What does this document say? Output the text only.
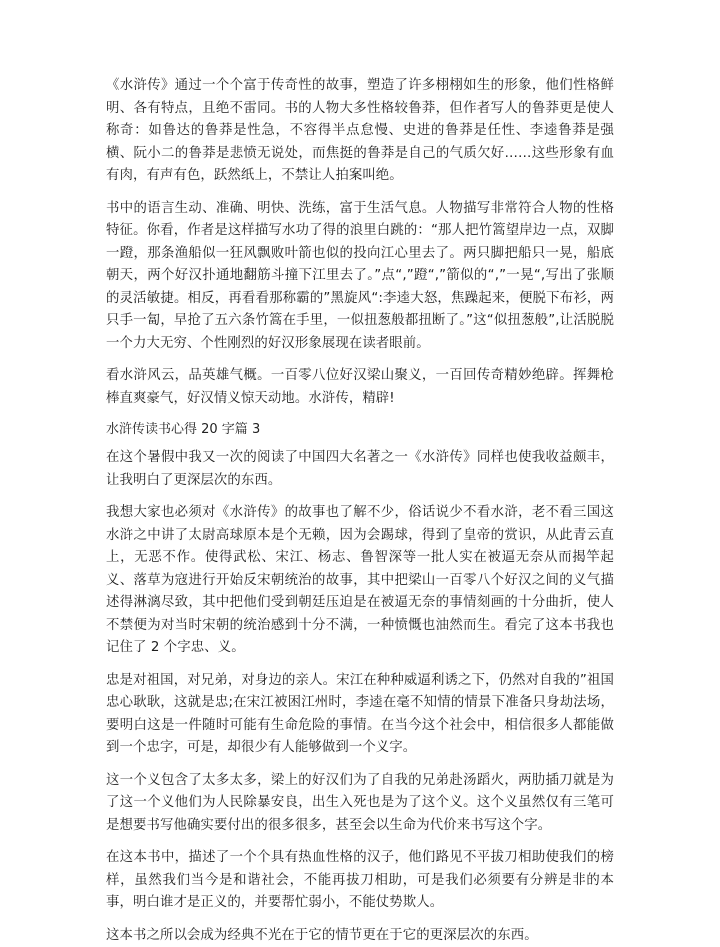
《水浒传》通过一个个富于传奇性的故事，塑造了许多栩栩如生的形象，他们性格鲜明、各有特点，且绝不雷同。书的人物大多性格较鲁莽，但作者写人的鲁莽更是使人称奇：如鲁达的鲁莽是性急，不容得半点怠慢、史进的鲁莽是任性、李逵鲁莽是强横、阮小二的鲁莽是悲愤无说处，而焦挺的鲁莽是自己的气质欠好……这些形象有血有肉，有声有色，跃然纸上，不禁让人拍案叫绝。

书中的语言生动、准确、明快、洗练，富于生活气息。人物描写非常符合人物的性格特征。你看，作者是这样描写水功了得的浪里白跳的：“那人把竹篙望岸边一点，双脚一蹬，那条渔船似一狂风飘败叶箭也似的投向江心里去了。两只脚把船只一晃，船底朝天，两个好汉扑通地翻筋斗撞下江里去了。”点“,”蹬“,”箭似的“,”一晃“,写出了张顺的灵活敏捷。相反，再看看那称霸的”黑旋风“:李逵大怒，焦躁起来，便脱下布衫，两只手一匐，早抢了五六条竹篙在手里，一似扭葱般都扭断了。”这“似扭葱般”,让活脱脱一个力大无穷、个性刚烈的好汉形象展现在读者眼前。

看水浒风云，品英雄气概。一百零八位好汉梁山聚义，一百回传奇精妙绝辟。挥舞枪棒直爽豪气，好汉情义惊天动地。水浒传，精辟!

水浒传读书心得 20 字篇 3

在这个暑假中我又一次的阅读了中国四大名著之一《水浒传》同样也使我收益颇丰，让我明白了更深层次的东西。

我想大家也必须对《水浒传》的故事也了解不少，俗话说少不看水浒，老不看三国这水浒之中讲了太尉高球原本是个无赖，因为会踢球，得到了皇帝的赏识，从此青云直上，无恶不作。使得武松、宋江、杨志、鲁智深等一批人实在被逼无奈从而揭竿起义、落草为寇进行开始反宋朝统治的故事，其中把梁山一百零八个好汉之间的义气描述得淋漓尽致，其中把他们受到朝廷压迫是在被逼无奈的事情刻画的十分曲折，使人不禁便为对当时宋朝的统治感到十分不满，一种愤慨也油然而生。看完了这本书我也记住了 2 个字忠、义。

忠是对祖国，对兄弟，对身边的亲人。宋江在种种威逼利诱之下，仍然对自我的”祖国忠心耿耿，这就是忠;在宋江被困江州时，李逵在毫不知情的情景下准备只身劫法场，要明白这是一件随时可能有生命危险的事情。在当今这个社会中，相信很多人都能做到一个忠字，可是，却很少有人能够做到一个义字。

这一个义包含了太多太多，梁上的好汉们为了自我的兄弟赴汤蹈火，两肋插刀就是为了这一个义他们为人民除暴安良，出生入死也是为了这个义。这个义虽然仅有三笔可是想要书写他确实要付出的很多很多，甚至会以生命为代价来书写这个字。

在这本书中，描述了一个个具有热血性格的汉子，他们路见不平拔刀相助使我们的榜样，虽然我们当今是和谐社会，不能再拔刀相助，可是我们必须要有分辨是非的本事，明白谁才是正义的，并要帮忙弱小，不能仗势欺人。

这本书之所以会成为经典不光在于它的情节更在于它的更深层次的东西。
